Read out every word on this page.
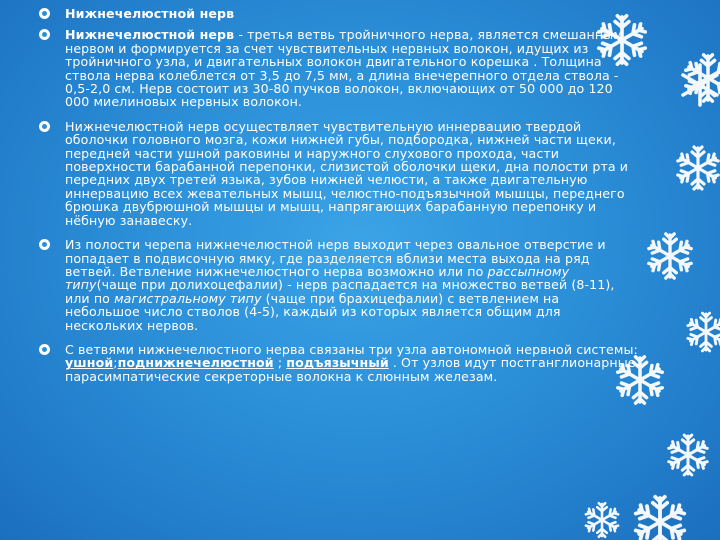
Нижнечелюстной нерв

Нижнечелюстной нерв - третья ветвь тройничного нерва, является смешанным нервом и формируется за счет чувствительных нервных волокон, идущих из тройничного узла, и двигательных волокон двигательного корешка . Толщина ствола нерва колеблется от 3,5 до 7,5 мм, а длина внечерепного отдела ствола - 0,5-2,0 см. Нерв состоит из 30-80 пучков волокон, включающих от 50 000 до 120 000 миелиновых нервных волокон.

Нижнечелюстной нерв осуществляет чувствительную иннервацию твердой оболочки головного мозга, кожи нижней губы, подбородка, нижней части щеки, передней части ушной раковины и наружного слухового прохода, части поверхности барабанной перепонки, слизистой оболочки щеки, дна полости рта и передних двух третей языка, зубов нижней челюсти, а также двигательную иннервацию всех жевательных мышц, челюстно-подъязычной мышцы, переднего брюшка двубрюшной мышцы и мышц, напрягающих барабанную перепонку и нёбную занавеску.

Из полости черепа нижнечелюстной нерв выходит через овальное отверстие и попадает в подвисочную ямку, где разделяется вблизи места выхода на ряд ветвей. Ветвление нижнечелюстного нерва возможно или по рассыпному типу(чаще при долихоцефалии) - нерв распадается на множество ветвей (8-11), или по магистральному типу (чаще при брахицефалии) с ветвлением на небольшое число стволов (4-5), каждый из которых является общим для нескольких нервов.

С ветвями нижнечелюстного нерва связаны три узла автономной нервной системы: ушной;поднижнечелюстной ; подъязычный . От узлов идут постганглионарные парасимпатические секреторные волокна к слюнным железам.
